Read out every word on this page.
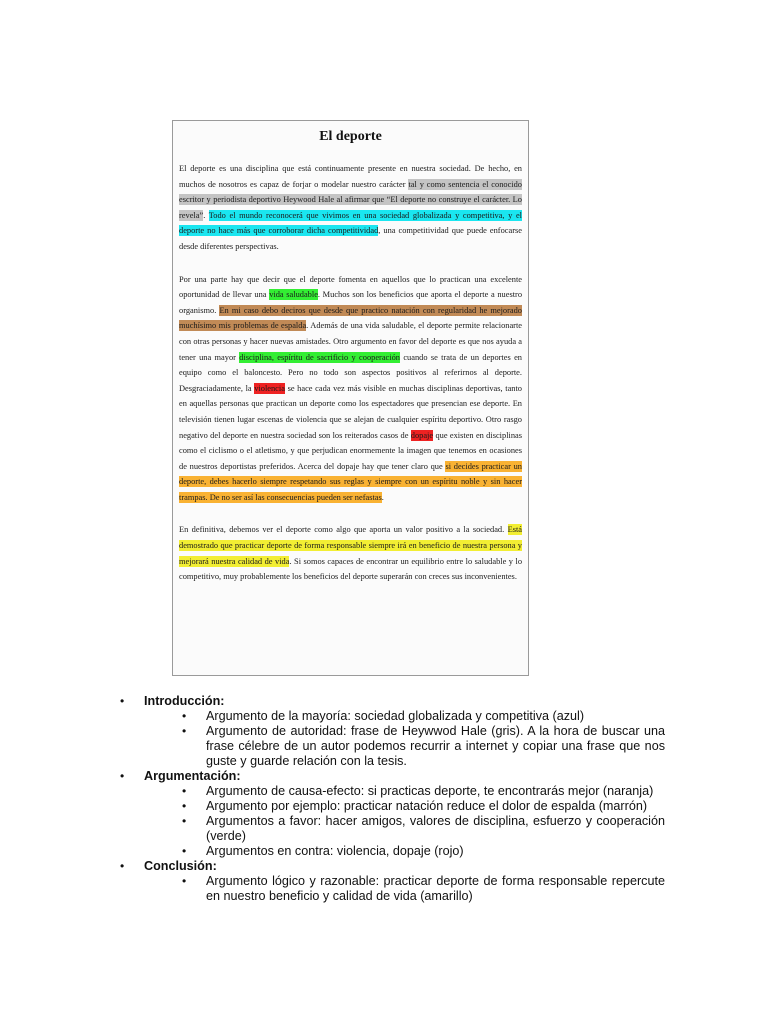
El deporte

El deporte es una disciplina que está continuamente presente en nuestra sociedad. De hecho, en muchos de nosotros es capaz de forjar o modelar nuestro carácter tal y como sentencia el conocido escritor y periodista deportivo Heywood Hale al afirmar que “El deporte no construye el carácter. Lo revela”. Todo el mundo reconocerá que vivimos en una sociedad globalizada y competitiva, y el deporte no hace más que corroborar dicha competitividad, una competitividad que puede enfocarse desde diferentes perspectivas.

Por una parte hay que decir que el deporte fomenta en aquellos que lo practican una excelente oportunidad de llevar una vida saludable. Muchos son los beneficios que aporta el deporte a nuestro organismo. En mi caso debo deciros que desde que practico natación con regularidad he mejorado muchísimo mis problemas de espalda. Además de una vida saludable, el deporte permite relacionarte con otras personas y hacer nuevas amistades. Otro argumento en favor del deporte es que nos ayuda a tener una mayor disciplina, espíritu de sacrificio y cooperación cuando se trata de un deportes en equipo como el baloncesto. Pero no todo son aspectos positivos al referirnos al deporte. Desgraciadamente, la violencia se hace cada vez más visible en muchas disciplinas deportivas, tanto en aquellas personas que practican un deporte como los espectadores que presencian ese deporte. En televisión tienen lugar escenas de violencia que se alejan de cualquier espíritu deportivo. Otro rasgo negativo del deporte en nuestra sociedad son los reiterados casos de dopaje que existen en disciplinas como el ciclismo o el atletismo, y que perjudican enormemente la imagen que tenemos en ocasiones de nuestros deportistas preferidos. Acerca del dopaje hay que tener claro que si decides practicar un deporte, debes hacerlo siempre respetando sus reglas y siempre con un espíritu noble y sin hacer trampas. De no ser así las consecuencias pueden ser nefastas.

En definitiva, debemos ver el deporte como algo que aporta un valor positivo a la sociedad. Está demostrado que practicar deporte de forma responsable siempre irá en beneficio de nuestra persona y mejorará nuestra calidad de vida. Si somos capaces de encontrar un equilibrio entre lo saludable y lo competitivo, muy probablemente los beneficios del deporte superarán con creces sus inconvenientes.

• Introducción:
• Argumento de la mayoría: sociedad globalizada y competitiva (azul)
• Argumento de autoridad: frase de Heywwod Hale (gris). A la hora de buscar una frase célebre de un autor podemos recurrir a internet y copiar una frase que nos guste y guarde relación con la tesis.
• Argumentación:
• Argumento de causa-efecto: si practicas deporte, te encontrarás mejor (naranja)
• Argumento por ejemplo: practicar natación reduce el dolor de espalda (marrón)
• Argumentos a favor: hacer amigos, valores de disciplina, esfuerzo y cooperación (verde)
• Argumentos en contra: violencia, dopaje (rojo)
• Conclusión:
• Argumento lógico y razonable: practicar deporte de forma responsable repercute en nuestro beneficio y calidad de vida (amarillo)
